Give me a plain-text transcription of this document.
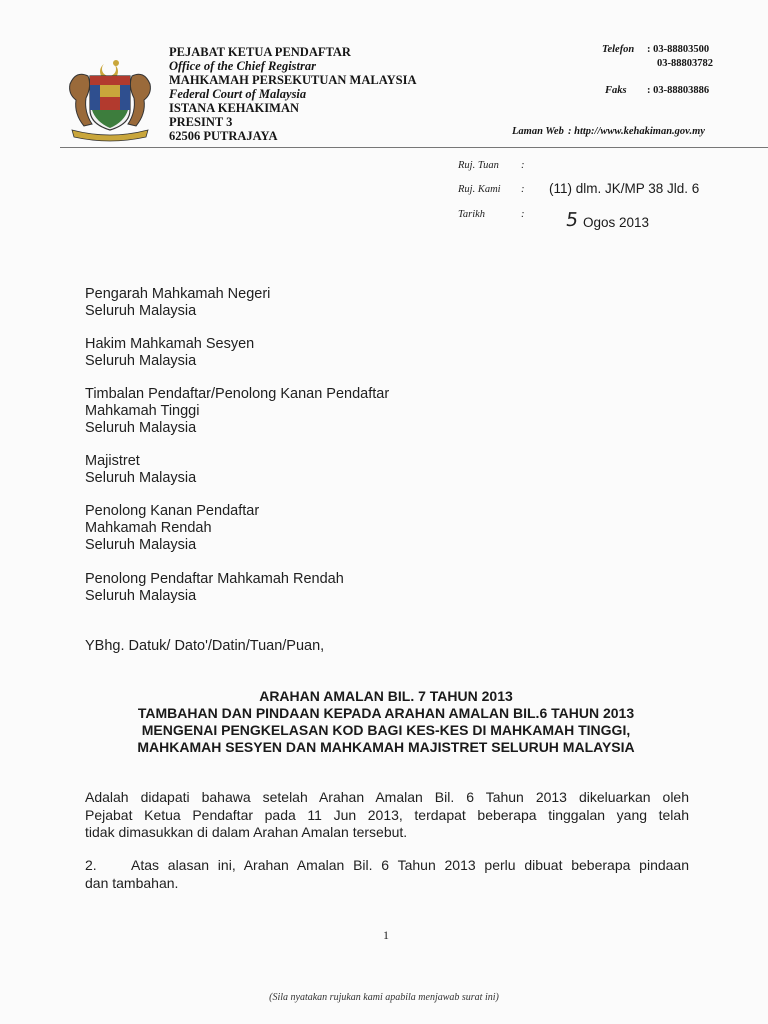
PEJABAT KETUA PENDAFTAR
Office of the Chief Registrar
MAHKAMAH PERSEKUTUAN MALAYSIA
Federal Court of Malaysia
ISTANA KEHAKIMAN
PRESINT 3
62506 PUTRAJAYA
Telefon : 03-88803500
03-88803782
Faks : 03-88803886
Laman Web : http://www.kehakiman.gov.my
Ruj. Tuan :
Ruj. Kami : (11) dlm. JK/MP 38 Jld. 6
Tarikh	: 5 Ogos 2013
Pengarah Mahkamah Negeri
Seluruh Malaysia
Hakim Mahkamah Sesyen
Seluruh Malaysia
Timbalan Pendaftar/Penolong Kanan Pendaftar
Mahkamah Tinggi
Seluruh Malaysia
Majistret
Seluruh Malaysia
Penolong Kanan Pendaftar
Mahkamah Rendah
Seluruh Malaysia
Penolong Pendaftar Mahkamah Rendah
Seluruh Malaysia
YBhg. Datuk/ Dato'/Datin/Tuan/Puan,
ARAHAN AMALAN BIL. 7 TAHUN 2013
TAMBAHAN DAN PINDAAN KEPADA ARAHAN AMALAN BIL.6 TAHUN 2013
MENGENAI PENGKELASAN KOD BAGI KES-KES DI MAHKAMAH TINGGI,
MAHKAMAH SESYEN DAN MAHKAMAH MAJISTRET SELURUH MALAYSIA
Adalah didapati bahawa setelah Arahan Amalan Bil. 6 Tahun 2013 dikeluarkan oleh
Pejabat Ketua Pendaftar pada 11 Jun 2013, terdapat beberapa tinggalan yang telah
tidak dimasukkan di dalam Arahan Amalan tersebut.
2. Atas alasan ini, Arahan Amalan Bil. 6 Tahun 2013 perlu dibuat beberapa pindaan
dan tambahan.
1
(Sila nyatakan rujukan kami apabila menjawab surat ini)
